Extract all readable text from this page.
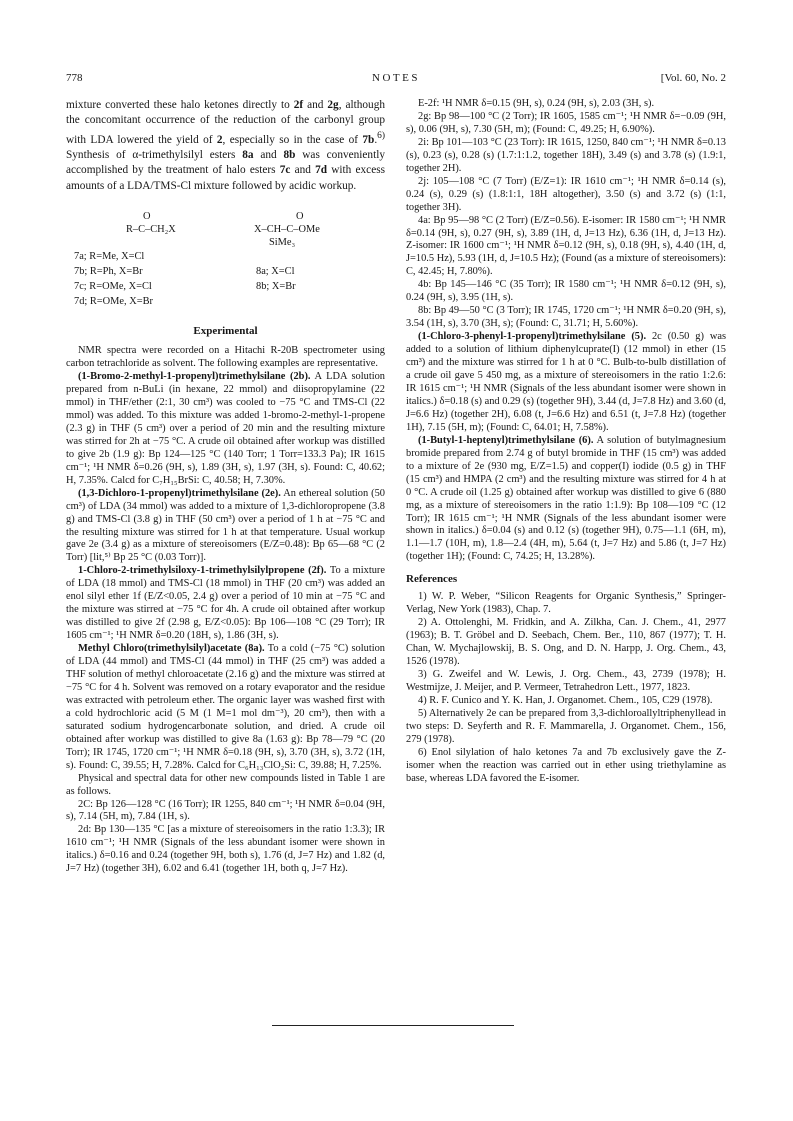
778	NOTES	[Vol. 60, No. 2

mixture converted these halo ketones directly to 2f and 2g, although the concomitant occurrence of the reduction of the carbonyl group with LDA lowered the yield of 2, especially so in the case of 7b.$^{6)}$ Synthesis of α-trimethylsilyl esters 8a and 8b was conveniently accomplished by the treatment of halo esters 7c and 7d with excess amounts of a LDA/TMS-Cl mixture followed by acidic workup.

O
R–C–CH₂X
O
X–CH–C–OMe
SiMe₃
7a; R=Me, X=Cl
7b; R=Ph, X=Br
7c; R=OMe, X=Cl
7d; R=OMe, X=Br
8a; X=Cl
8b; X=Br
Experimental

NMR spectra were recorded on a Hitachi R-20B spectrometer using carbon tetrachloride as solvent. The following examples are representative.

(1-Bromo-2-methyl-1-propenyl)trimethylsilane (2b). A LDA solution prepared from n-BuLi (in hexane, 22 mmol) and diisopropylamine (22 mmol) in THF/ether (2:1, 30 cm³) was cooled to −75 °C and TMS-Cl (22 mmol) was added. To this mixture was added 1-bromo-2-methyl-1-propene (2.3 g) in THF (5 cm³) over a period of 20 min and the resulting mixture was stirred for 2h at −75 °C. A crude oil obtained after workup was distilled to give 2b (1.9 g): Bp 124—125 °C (140 Torr; 1 Torr=133.3 Pa); IR 1615 cm⁻¹; ¹H NMR δ=0.26 (9H, s), 1.89 (3H, s), 1.97 (3H, s). Found: C, 40.62; H, 7.35%. Calcd for C₇H₁₅BrSi: C, 40.58; H, 7.30%.

(1,3-Dichloro-1-propenyl)trimethylsilane (2e). An ethereal solution (50 cm³) of LDA (34 mmol) was added to a mixture of 1,3-dichloropropene (3.8 g) and TMS-Cl (3.8 g) in THF (50 cm³) over a period of 1 h at −75 °C and the resulting mixture was stirred for 1 h at that temperature. Usual workup gave 2e (3.4 g) as a mixture of stereoisomers (E/Z=0.48): Bp 65—68 °C (2 Torr) [lit,⁵⁾ Bp 25 °C (0.03 Torr)].

1-Chloro-2-trimethylsiloxy-1-trimethylsilylpropene (2f). To a mixture of LDA (18 mmol) and TMS-Cl (18 mmol) in THF (20 cm³) was added an enol silyl ether 1f (E/Z<0.05, 2.4 g) over a period of 10 min at −75 °C and the mixture was stirred at −75 °C for 4h. A crude oil obtained after workup was distilled to give 2f (2.98 g, E/Z<0.05): Bp 106—108 °C (29 Torr); IR 1605 cm⁻¹; ¹H NMR δ=0.20 (18H, s), 1.86 (3H, s).

Methyl Chloro(trimethylsilyl)acetate (8a). To a cold (−75 °C) solution of LDA (44 mmol) and TMS-Cl (44 mmol) in THF (25 cm³) was added a THF solution of methyl chloroacetate (2.16 g) and the mixture was stirred at −75 °C for 4 h. Solvent was removed on a rotary evaporator and the residue was extracted with petroleum ether. The organic layer was washed first with a cold hydrochloric acid (5 M (1 M=1 mol dm⁻³), 20 cm³), then with a saturated sodium hydrogencarbonate solution, and dried. A crude oil obtained after workup was distilled to give 8a (1.63 g): Bp 78—79 °C (20 Torr); IR 1745, 1720 cm⁻¹; ¹H NMR δ=0.18 (9H, s), 3.70 (3H, s), 3.72 (1H, s). Found: C, 39.55; H, 7.28%. Calcd for C₆H₁₃ClO₂Si: C, 39.88; H, 7.25%.

Physical and spectral data for other new compounds listed in Table 1 are as follows.

2C: Bp 126—128 °C (16 Torr); IR 1255, 840 cm⁻¹; ¹H NMR δ=0.04 (9H, s), 7.14 (5H, m), 7.84 (1H, s).

2d: Bp 130—135 °C [as a mixture of stereoisomers in the ratio 1:3.3); IR 1610 cm⁻¹; ¹H NMR (Signals of the less abundant isomer were shown in italics.) δ=0.16 and 0.24 (together 9H, both s), 1.76 (d, J=7 Hz) and 1.82 (d, J=7 Hz) (together 3H), 6.02 and 6.41 (together 1H, both q, J=7 Hz).

E-2f: ¹H NMR δ=0.15 (9H, s), 0.24 (9H, s), 2.03 (3H, s).

2g: Bp 98—100 °C (2 Torr); IR 1605, 1585 cm⁻¹; ¹H NMR δ=−0.09 (9H, s), 0.06 (9H, s), 7.30 (5H, m); (Found: C, 49.25; H, 6.90%).

2i: Bp 101—103 °C (23 Torr): IR 1615, 1250, 840 cm⁻¹; ¹H NMR δ=0.13 (s), 0.23 (s), 0.28 (s) (1.7:1:1.2, together 18H), 3.49 (s) and 3.78 (s) (1.9:1, together 2H).

2j: 105—108 °C (7 Torr) (E/Z=1): IR 1610 cm⁻¹; ¹H NMR δ=0.14 (s), 0.24 (s), 0.29 (s) (1.8:1:1, 18H altogether), 3.50 (s) and 3.72 (s) (1:1, together 3H).

4a: Bp 95—98 °C (2 Torr) (E/Z=0.56). E-isomer: IR 1580 cm⁻¹; ¹H NMR δ=0.14 (9H, s), 0.27 (9H, s), 3.89 (1H, d, J=13 Hz), 6.36 (1H, d, J=13 Hz). Z-isomer: IR 1600 cm⁻¹; ¹H NMR δ=0.12 (9H, s), 0.18 (9H, s), 4.40 (1H, d, J=10.5 Hz), 5.93 (1H, d, J=10.5 Hz); (Found (as a mixture of stereoisomers): C, 42.45; H, 7.80%).

4b: Bp 145—146 °C (35 Torr); IR 1580 cm⁻¹; ¹H NMR δ=0.12 (9H, s), 0.24 (9H, s), 3.95 (1H, s).

8b: Bp 49—50 °C (3 Torr); IR 1745, 1720 cm⁻¹; ¹H NMR δ=0.20 (9H, s), 3.54 (1H, s), 3.70 (3H, s); (Found: C, 31.71; H, 5.60%).

(1-Chloro-3-phenyl-1-propenyl)trimethylsilane (5). 2c (0.50 g) was added to a solution of lithium diphenylcuprate(I) (12 mmol) in ether (15 cm³) and the mixture was stirred for 1 h at 0 °C. Bulb-to-bulb distillation of a crude oil gave 5 450 mg, as a mixture of stereoisomers in the ratio 1:2.6: IR 1615 cm⁻¹; ¹H NMR (Signals of the less abundant isomer were shown in italics.) δ=0.18 (s) and 0.29 (s) (together 9H), 3.44 (d, J=7.8 Hz) and 3.60 (d, J=6.6 Hz) (together 2H), 6.08 (t, J=6.6 Hz) and 6.51 (t, J=7.8 Hz) (together 1H), 7.15 (5H, m); (Found: C, 64.01; H, 7.58%).

(1-Butyl-1-heptenyl)trimethylsilane (6). A solution of butylmagnesium bromide prepared from 2.74 g of butyl bromide in THF (15 cm³) was added to a mixture of 2e (930 mg, E/Z=1.5) and copper(I) iodide (0.5 g) in THF (15 cm³) and HMPA (2 cm³) and the resulting mixture was stirred for 4 h at 0 °C. A crude oil (1.25 g) obtained after workup was distilled to give 6 (880 mg, as a mixture of stereoisomers in the ratio 1:1.9): Bp 108—109 °C (12 Torr); IR 1615 cm⁻¹; ¹H NMR (Signals of the less abundant isomer were shown in italics.) δ=0.04 (s) and 0.12 (s) (together 9H), 0.75—1.1 (6H, m), 1.1—1.7 (10H, m), 1.8—2.4 (4H, m), 5.64 (t, J=7 Hz) and 5.86 (t, J=7 Hz) (together 1H); (Found: C, 74.25; H, 13.28%).

References

1) W. P. Weber, “Silicon Reagents for Organic Synthesis,” Springer-Verlag, New York (1983), Chap. 7.

2) A. Ottolenghi, M. Fridkin, and A. Zilkha, Can. J. Chem., 41, 2977 (1963); B. T. Gröbel and D. Seebach, Chem. Ber., 110, 867 (1977); T. H. Chan, W. Mychajlowskij, B. S. Ong, and D. N. Harpp, J. Org. Chem., 43, 1526 (1978).

3) G. Zweifel and W. Lewis, J. Org. Chem., 43, 2739 (1978); H. Westmijze, J. Meijer, and P. Vermeer, Tetrahedron Lett., 1977, 1823.

4) R. F. Cunico and Y. K. Han, J. Organomet. Chem., 105, C29 (1978).

5) Alternatively 2e can be prepared from 3,3-dichloroallyltriphenyllead in two steps: D. Seyferth and R. F. Mammarella, J. Organomet. Chem., 156, 279 (1978).

6) Enol silylation of halo ketones 7a and 7b exclusively gave the Z-isomer when the reaction was carried out in ether using triethylamine as base, whereas LDA favored the E-isomer.
